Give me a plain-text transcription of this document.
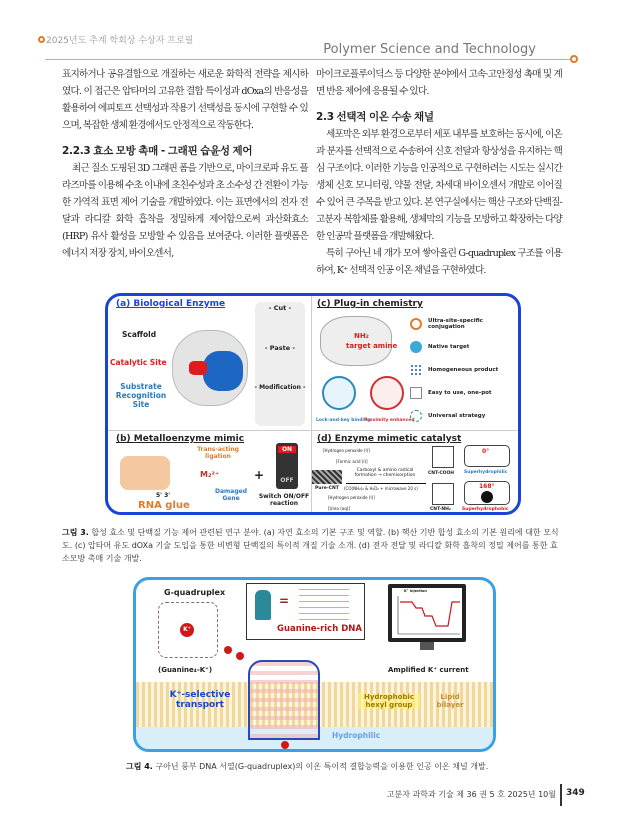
2025년도 추계 학회상 수상자 프로필
Polymer Science and Technology

표지하거나 공유결합으로 개질하는 새로운 화학적 전략을 제시하였다. 이 접근은 압타머의 고유한 결합 특이성과 dOxa의 반응성을 활용하여 에피토프 선택성과 작용기 선택성을 동시에 구현할 수 있으며, 복잡한 생체 환경에서도 안정적으로 작동한다.

2.2.3 효소 모방 촉매 - 그래핀 습윤성 제어

최근 질소 도핑된 3D 그래핀 폼을 기반으로, 마이크로파 유도 플라즈마를 이용해 수초 이내에 초친수성과 초 소수성 간 전환이 가능한 가역적 표면 제어 기술을 개발하였다. 이는 표면에서의 전자 전달과 라디칼 화학 흡착을 정밀하게 제어함으로써 과산화효소(HRP) 유사 활성을 모방할 수 있음을 보여준다. 이러한 플랫폼은 에너지 저장 장치, 바이오센서,

마이크로플루이딕스 등 다양한 분야에서 고속·고안정성 촉매 및 계면 반응 제어에 응용될 수 있다.

2.3 선택적 이온 수송 채널

세포막은 외부 환경으로부터 세포 내부를 보호하는 동시에, 이온과 분자를 선택적으로 수송하여 신호 전달과 항상성을 유지하는 핵심 구조이다. 이러한 기능을 인공적으로 구현하려는 시도는 실시간 생체 신호 모니터링, 약물 전달, 차세대 바이오센서 개발로 이어질 수 있어 큰 주목을 받고 있다. 본 연구실에서는 핵산 구조와 단백질-고분자 복합체를 활용해, 생체막의 기능을 모방하고 확장하는 다양한 인공막 플랫폼을 개발해왔다.

특히 구아닌 네 개가 모여 쌓아올린 G-quadruplex 구조를 이용하여, K⁺ 선택적 인공 이온 채널을 구현하였다.

(a) Biological Enzyme
Scaffold
Catalytic Site
Substrate Recognition Site
- Cut -
- Paste -
- Modification -
(b) Metalloenzyme mimic
Trans-acting ligation
M₂²⁺
5' 3'
RNA glue
Damaged Gene
+
ON
OFF
Switch ON/OFF reaction
(c) Plug-in chemistry
NH₂
target amine
Lock-and-key binding
Proximity enhanced
Ultra-site-specific conjugation
Native target
Homogeneous product
Easy to use, one-pot
Universal strategy
(d) Enzyme mimetic catalyst
[Hydrogen peroxide (l)]
[Formic acid (l)]
Pure-CNT
Carboxyl & amino radical formation → chemisorption
(CO(NH₂)₂ & H₂O₂ + microwave 20 s)
[Hydrogen peroxide (l)]
[Urea (aq)]
CNT-COOH
CNT-NH₂
0°
Superhydrophilic
168°
Superhydrophobic
그림 3. 합성 효소 및 단백질 기능 제어 관련된 연구 분야. (a) 자연 효소의 기본 구조 및 역할. (b) 핵산 기반 합성 효소의 기본 원리에 대한 모식도. (c) 압타머 유도 dOXa 기술 도입을 통한 비변형 단백질의 특이적 개질 기술 소개. (d) 전자 전달 및 라디칼 화학 흡착의 정밀 제어를 통한 효소모방 촉매 기술 개발.
G-quadruplex
K⁺
(Guanine₄-K⁺)
=
Guanine-rich DNA
K⁺ injection
Amplified K⁺ current
K⁺-selective transport
Hydrophobic hexyl group
Lipid bilayer
Hydrophilic
그림 4. 구아닌 풍부 DNA 서열(G-quadruplex)의 이온 특이적 결합능력을 이용한 인공 이온 채널 개발.
고분자 과학과 기술 제 36 권 5 호 2025년 10월 349
